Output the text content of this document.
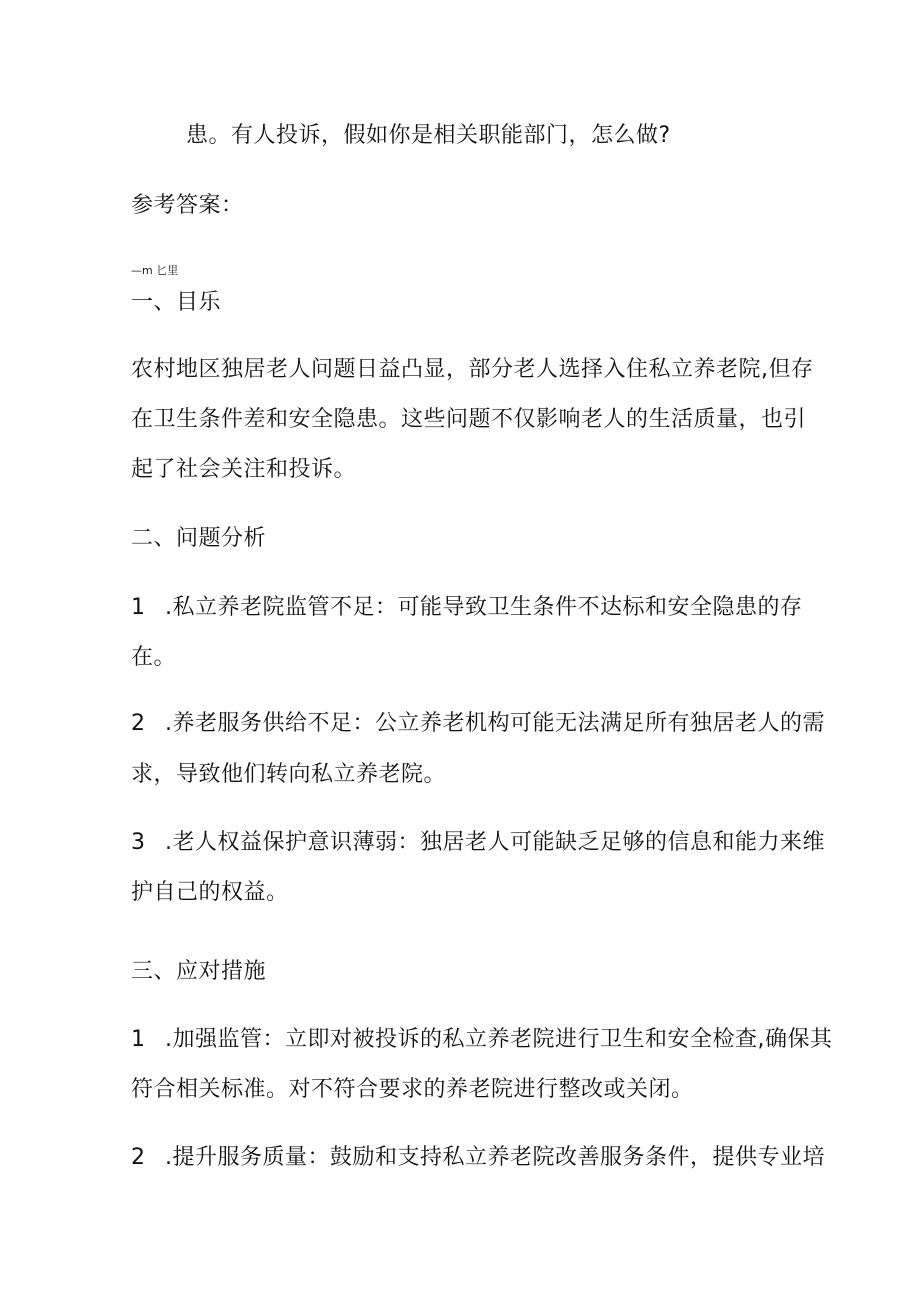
患。有人投诉，假如你是相关职能部门，怎么做?
参考答案：
—m 匕里
一、目乐
农村地区独居老人问题日益凸显，部分老人选择入住私立养老院,但存
在卫生条件差和安全隐患。这些问题不仅影响老人的生活质量，也引
起了社会关注和投诉。
二、问题分析
1 .私立养老院监管不足：可能导致卫生条件不达标和安全隐患的存
在。
2 .养老服务供给不足：公立养老机构可能无法满足所有独居老人的需
求，导致他们转向私立养老院。
3 .老人权益保护意识薄弱：独居老人可能缺乏足够的信息和能力来维
护自己的权益。
三、应对措施
1 .加强监管：立即对被投诉的私立养老院进行卫生和安全检查,确保其
符合相关标准。对不符合要求的养老院进行整改或关闭。
2 .提升服务质量：鼓励和支持私立养老院改善服务条件，提供专业培
